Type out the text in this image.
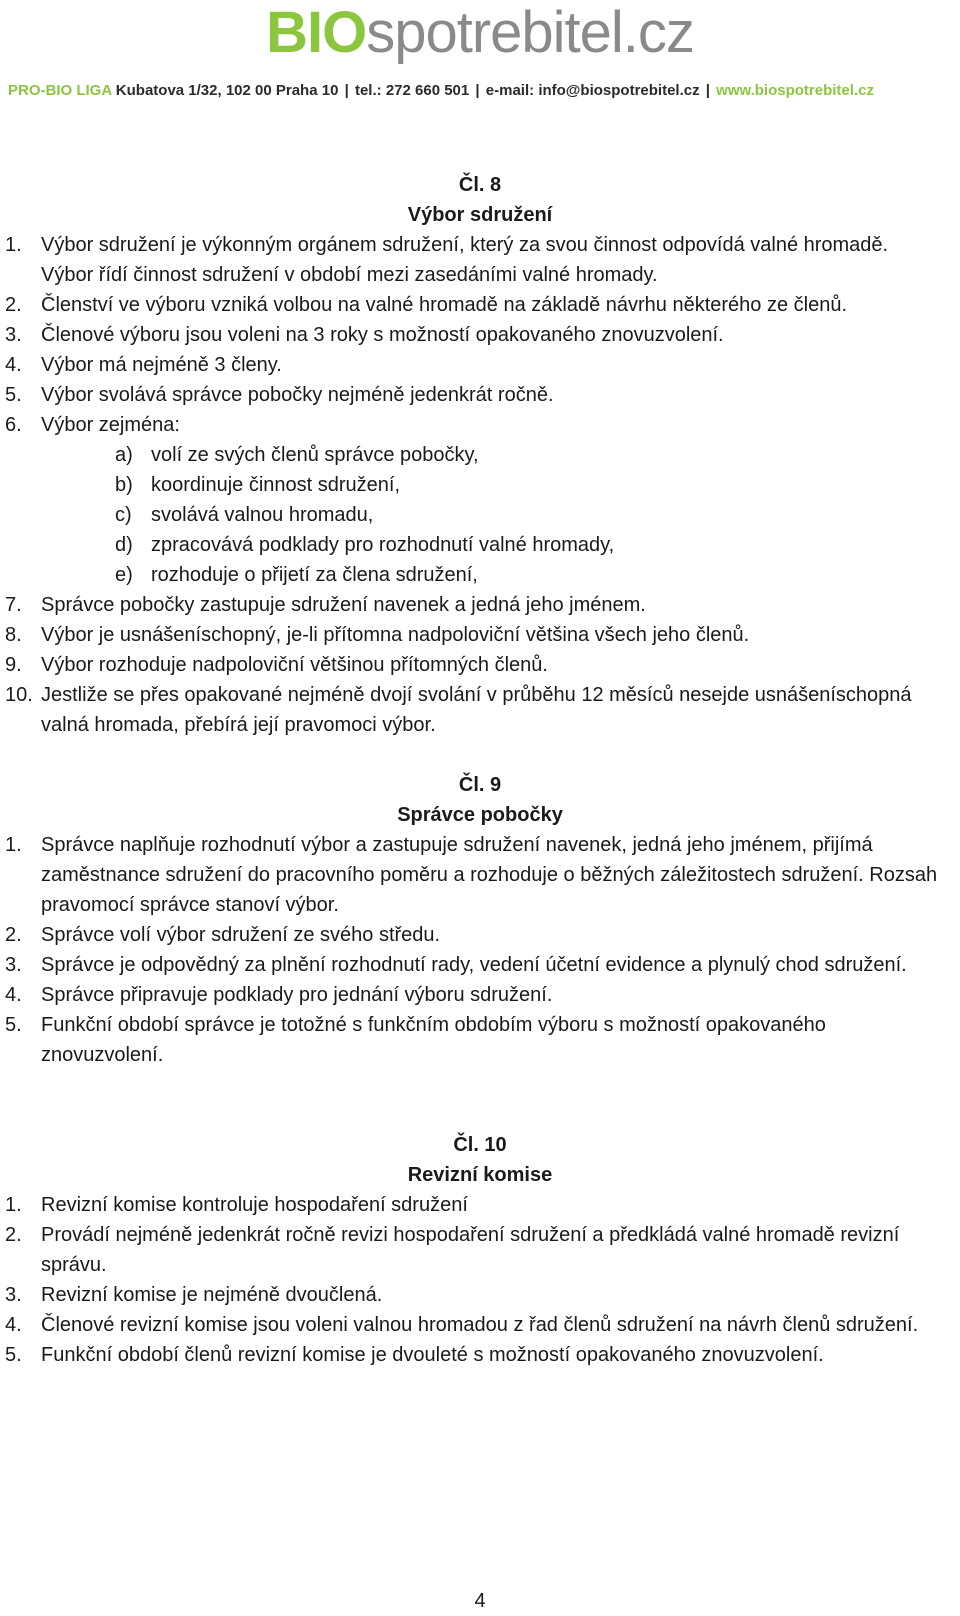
BIOspotrebitel.cz
PRO-BIO LIGA Kubatova 1/32, 102 00 Praha 10 | tel.: 272 660 501 | e-mail: info@biospotrebitel.cz | www.biospotrebitel.cz
Čl. 8
Výbor sdružení
1. Výbor sdružení je výkonným orgánem sdružení, který za svou činnost odpovídá valné hromadě. Výbor řídí činnost sdružení v období mezi zasedáními valné hromady.
2. Členství ve výboru vzniká volbou na valné hromadě na základě návrhu některého ze členů.
3. Členové výboru jsou voleni na 3 roky s možností opakovaného znovuzvolení.
4. Výbor má nejméně 3 členy.
5. Výbor svolává správce pobočky nejméně jedenkrát ročně.
6. Výbor zejména:
a) volí ze svých členů správce pobočky,
b) koordinuje činnost sdružení,
c) svolává valnou hromadu,
d) zpracovává podklady pro rozhodnutí valné hromady,
e) rozhoduje o přijetí za člena sdružení,
7. Správce pobočky zastupuje sdružení navenek a jedná jeho jménem.
8. Výbor je usnášeníschopný, je-li přítomna nadpoloviční většina všech jeho členů.
9. Výbor rozhoduje nadpoloviční většinou přítomných členů.
10. Jestliže se přes opakované nejméně dvojí svolání v průběhu 12 měsíců nesejde usnášeníschopná valná hromada, přebírá její pravomoci výbor.
Čl. 9
Správce pobočky
1. Správce naplňuje rozhodnutí výbor a zastupuje sdružení navenek, jedná jeho jménem, přijímá zaměstnance sdružení do pracovního poměru a rozhoduje o běžných záležitostech sdružení. Rozsah pravomocí správce stanoví výbor.
2. Správce volí výbor sdružení ze svého středu.
3. Správce je odpovědný za plnění rozhodnutí rady, vedení účetní evidence a plynulý chod sdružení.
4. Správce připravuje podklady pro jednání výboru sdružení.
5. Funkční období správce je totožné s funkčním obdobím výboru s možností opakovaného znovuzvolení.
Čl. 10
Revizní komise
1. Revizní komise kontroluje hospodaření sdružení
2. Provádí nejméně jedenkrát ročně revizi hospodaření sdružení a předkládá valné hromadě revizní správu.
3. Revizní komise je nejméně dvoučlená.
4. Členové revizní komise jsou voleni valnou hromadou z řad členů sdružení na návrh členů sdružení.
5. Funkční období členů revizní komise je dvouleté s možností opakovaného znovuzvolení.
4
